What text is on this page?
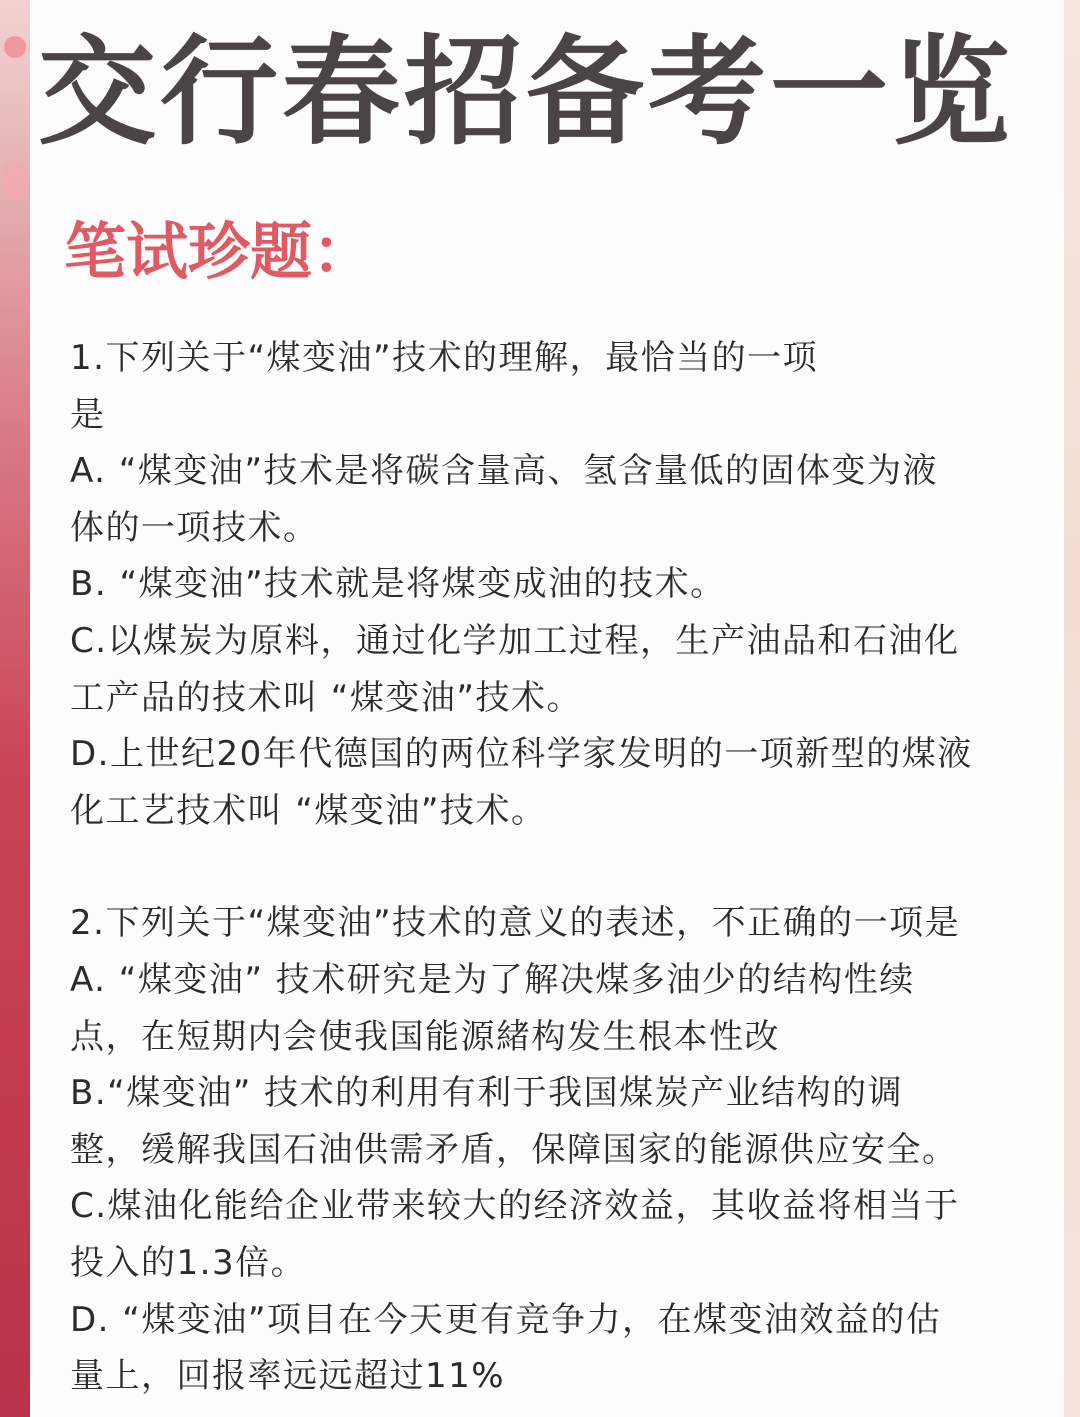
交行春招备考一览
笔试珍题：
1.下列关于“煤变油”技术的理解，最恰当的一项
是
A. “煤变油”技术是将碳含量高、氢含量低的固体变为液
体的一项技术。
B. “煤变油”技术就是将煤变成油的技术。
C.以煤炭为原料，通过化学加工过程，生产油品和石油化
工产品的技术叫 “煤变油”技术。
D.上世纪20年代德国的两位科学家发明的一项新型的煤液
化工艺技术叫 “煤变油”技术。
2.下列关于“煤变油”技术的意义的表述，不正确的一项是
A. “煤变油” 技术研究是为了解决煤多油少的结构性续
点，在短期内会使我国能源緒构发生根本性改
B.“煤变油” 技术的利用有利于我国煤炭产业结构的调
整，缓解我国石油供需矛盾，保障国家的能源供应安全。
C.煤油化能给企业带来较大的经济效益，其收益将相当于
投入的1.3倍。
D. “煤变油”项目在今天更有竞争力，在煤变油效益的估
量上，回报率远远超过11%
